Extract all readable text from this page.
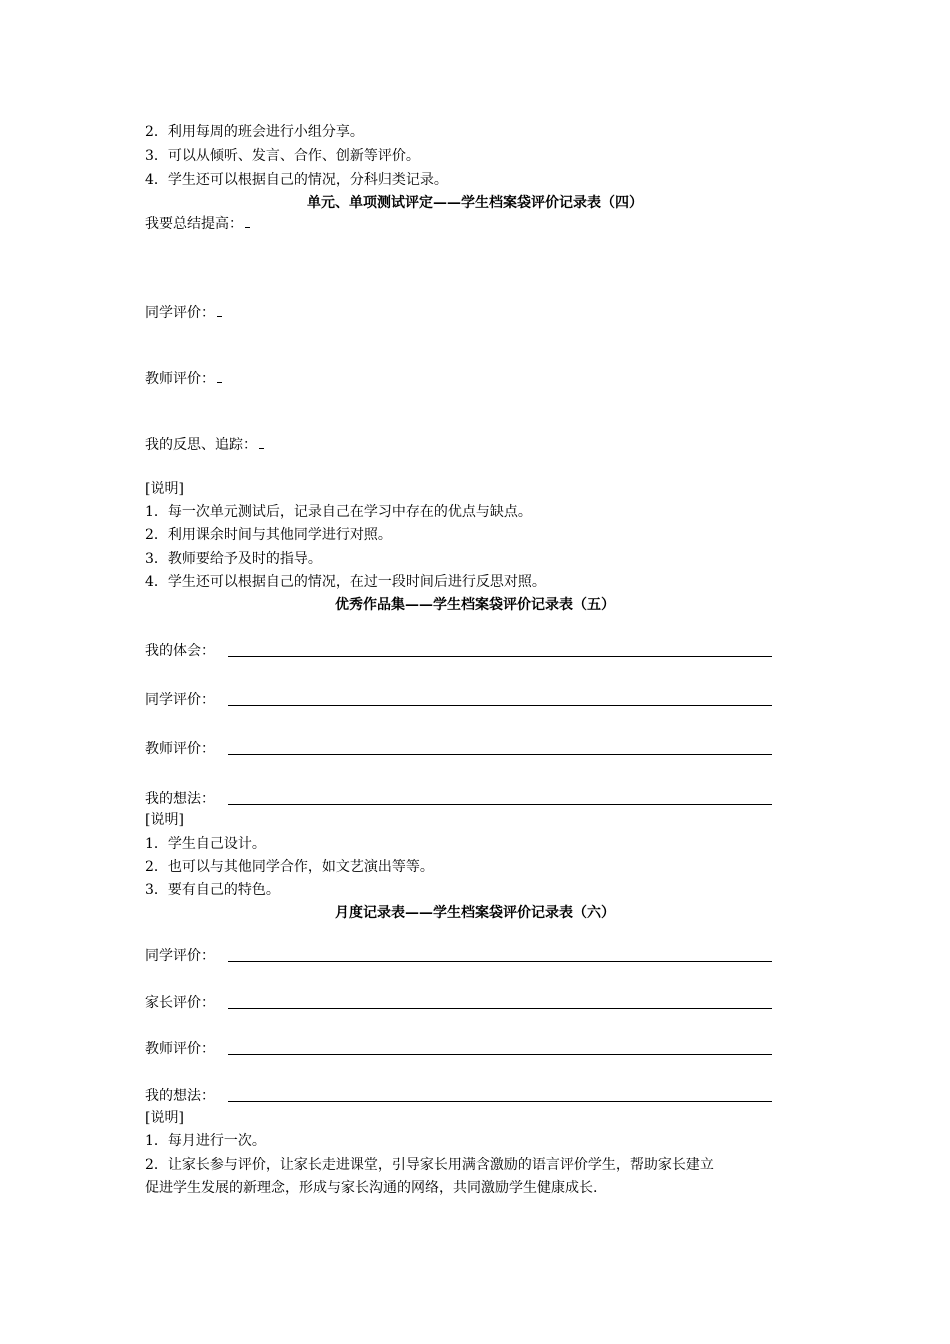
2．利用每周的班会进行小组分享。
3．可以从倾听、发言、合作、创新等评价。
4．学生还可以根据自己的情况，分科归类记录。
单元、单项测试评定——学生档案袋评价记录表（四）
我要总结提高：
同学评价：
教师评价：
我的反思、追踪：
[说明]
1．每一次单元测试后，记录自己在学习中存在的优点与缺点。
2．利用课余时间与其他同学进行对照。
3．教师要给予及时的指导。
4．学生还可以根据自己的情况，在过一段时间后进行反思对照。
优秀作品集——学生档案袋评价记录表（五）
我的体会：
同学评价：
教师评价：
我的想法：
[说明]
1．学生自己设计。
2．也可以与其他同学合作，如文艺演出等等。
3．要有自己的特色。
月度记录表——学生档案袋评价记录表（六）
同学评价：
家长评价：
教师评价：
我的想法：
[说明]
1．每月进行一次。
2．让家长参与评价，让家长走进课堂，引导家长用满含激励的语言评价学生，帮助家长建立
促进学生发展的新理念，形成与家长沟通的网络，共同激励学生健康成长.
